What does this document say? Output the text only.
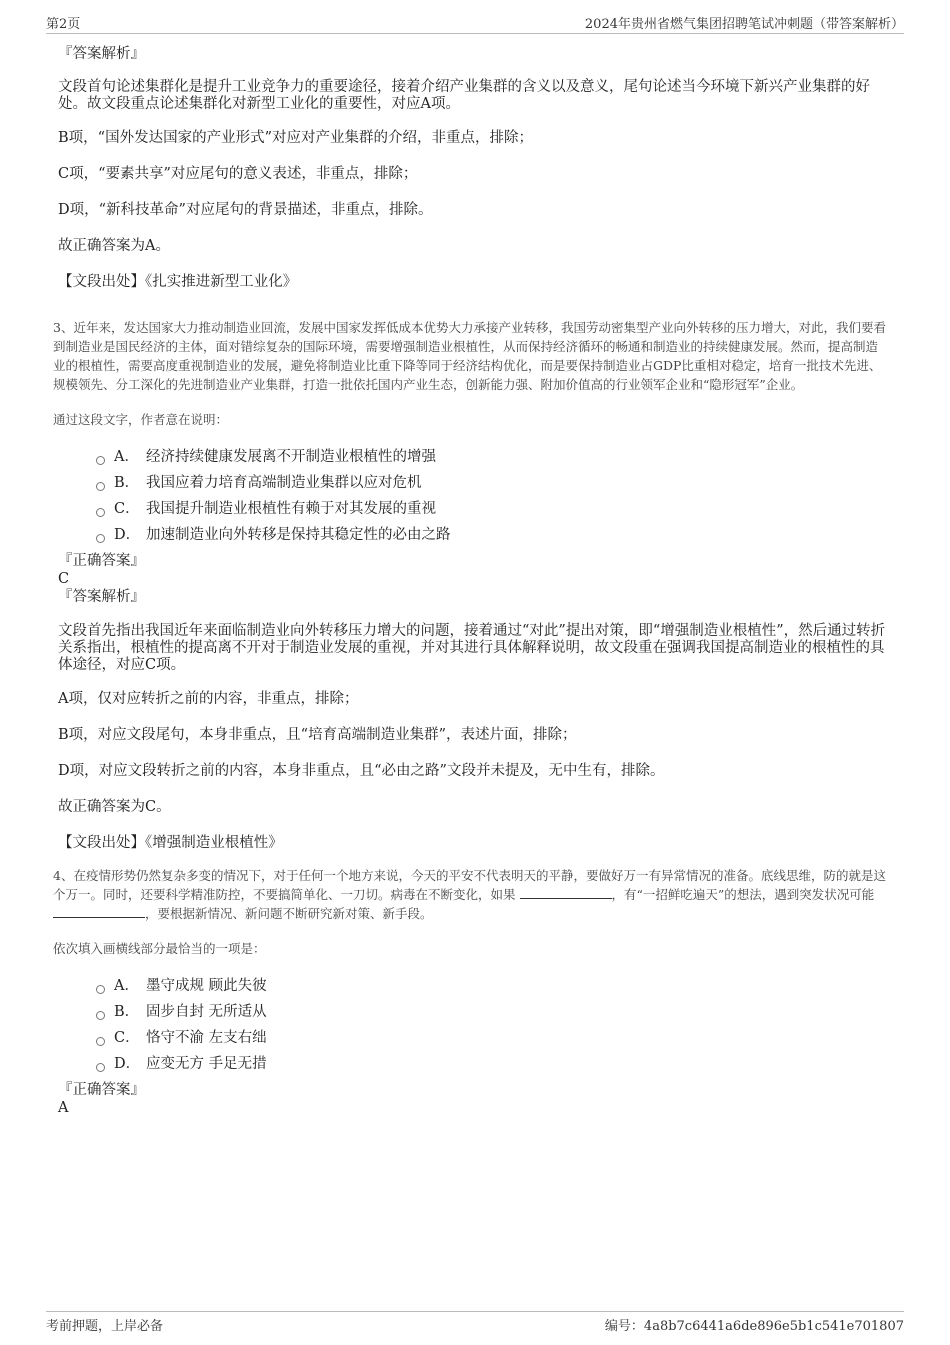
第2页	2024年贵州省燃气集团招聘笔试冲刺题（带答案解析）
『答案解析』
文段首句论述集群化是提升工业竞争力的重要途径，接着介绍产业集群的含义以及意义，尾句论述当今环境下新兴产业集群的好处。故文段重点论述集群化对新型工业化的重要性，对应A项。
B项，“国外发达国家的产业形式”对应对产业集群的介绍，非重点，排除；
C项，“要素共享”对应尾句的意义表述，非重点，排除；
D项，“新科技革命”对应尾句的背景描述，非重点，排除。
故正确答案为A。
【文段出处】《扎实推进新型工业化》

3、近年来，发达国家大力推动制造业回流，发展中国家发挥低成本优势大力承接产业转移，我国劳动密集型产业向外转移的压力增大，对此，我们要看到制造业是国民经济的主体，面对错综复杂的国际环境，需要增强制造业根植性，从而保持经济循环的畅通和制造业的持续健康发展。然而，提高制造业的根植性，需要高度重视制造业的发展，避免将制造业比重下降等同于经济结构优化，而是要保持制造业占GDP比重相对稳定，培育一批技术先进、规模领先、分工深化的先进制造业产业集群，打造一批依托国内产业生态，创新能力强、附加价值高的行业领军企业和“隐形冠军”企业。

通过这段文字，作者意在说明：

A． 经济持续健康发展离不开制造业根植性的增强
B． 我国应着力培育高端制造业集群以应对危机
C． 我国提升制造业根植性有赖于对其发展的重视
D． 加速制造业向外转移是保持其稳定性的必由之路
『正确答案』
C
『答案解析』
文段首先指出我国近年来面临制造业向外转移压力增大的问题，接着通过“对此”提出对策，即“增强制造业根植性”，然后通过转折关系指出，根植性的提高离不开对于制造业发展的重视，并对其进行具体解释说明，故文段重在强调我国提高制造业的根植性的具体途径，对应C项。
A项，仅对应转折之前的内容，非重点，排除；
B项，对应文段尾句，本身非重点，且“培育高端制造业集群”，表述片面，排除；
D项，对应文段转折之前的内容，本身非重点，且“必由之路”文段并未提及，无中生有，排除。
故正确答案为C。
【文段出处】《增强制造业根植性》

4、在疫情形势仍然复杂多变的情况下，对于任何一个地方来说，今天的平安不代表明天的平静，要做好万一有异常情况的准备。底线思维，防的就是这个万一。同时，还要科学精准防控，不要搞简单化、一刀切。病毒在不断变化，如果	，有“一招鲜吃遍天”的想法，遇到突发状况可能 ，要根据新情况、新问题不断研究新对策、新手段。

依次填入画横线部分最恰当的一项是：

A． 墨守成规 顾此失彼
B． 固步自封 无所适从
C． 恪守不渝 左支右绌
D． 应变无方 手足无措
『正确答案』
A
考前押题，上岸必备	编号：4a8b7c6441a6de896e5b1c541e701807
